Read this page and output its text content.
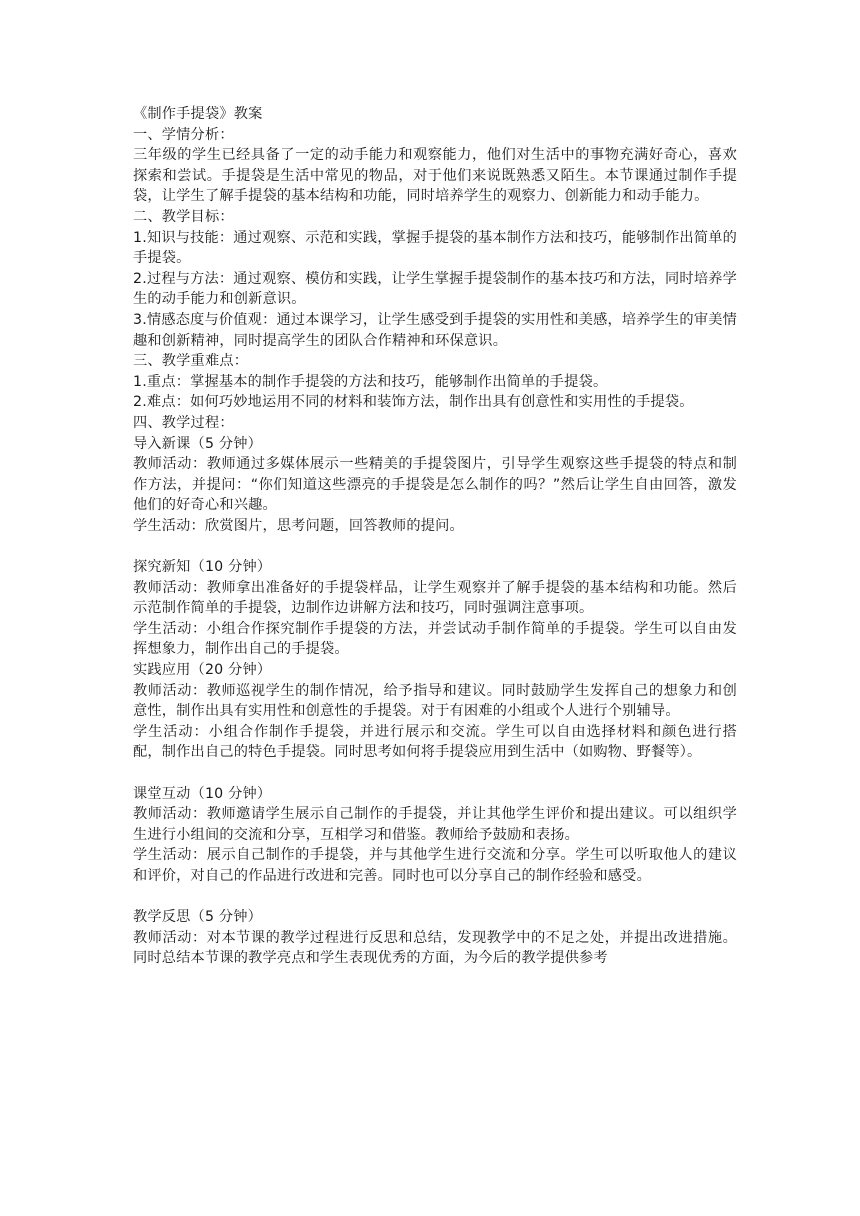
《制作手提袋》教案

一、学情分析：

三年级的学生已经具备了一定的动手能力和观察能力，他们对生活中的事物充满好奇心，喜欢探索和尝试。手提袋是生活中常见的物品，对于他们来说既熟悉又陌生。本节课通过制作手提袋，让学生了解手提袋的基本结构和功能，同时培养学生的观察力、创新能力和动手能力。

二、教学目标：

1.知识与技能：通过观察、示范和实践，掌握手提袋的基本制作方法和技巧，能够制作出简单的手提袋。

2.过程与方法：通过观察、模仿和实践，让学生掌握手提袋制作的基本技巧和方法，同时培养学生的动手能力和创新意识。

3.情感态度与价值观：通过本课学习，让学生感受到手提袋的实用性和美感，培养学生的审美情趣和创新精神，同时提高学生的团队合作精神和环保意识。

三、教学重难点：

1.重点：掌握基本的制作手提袋的方法和技巧，能够制作出简单的手提袋。

2.难点：如何巧妙地运用不同的材料和装饰方法，制作出具有创意性和实用性的手提袋。

四、教学过程：

导入新课（5 分钟）

教师活动：教师通过多媒体展示一些精美的手提袋图片，引导学生观察这些手提袋的特点和制作方法，并提问：“你们知道这些漂亮的手提袋是怎么制作的吗？”然后让学生自由回答，激发他们的好奇心和兴趣。

学生活动：欣赏图片，思考问题，回答教师的提问。

探究新知（10 分钟）

教师活动：教师拿出准备好的手提袋样品，让学生观察并了解手提袋的基本结构和功能。然后示范制作简单的手提袋，边制作边讲解方法和技巧，同时强调注意事项。

学生活动：小组合作探究制作手提袋的方法，并尝试动手制作简单的手提袋。学生可以自由发挥想象力，制作出自己的手提袋。

实践应用（20 分钟）

教师活动：教师巡视学生的制作情况，给予指导和建议。同时鼓励学生发挥自己的想象力和创意性，制作出具有实用性和创意性的手提袋。对于有困难的小组或个人进行个别辅导。

学生活动：小组合作制作手提袋，并进行展示和交流。学生可以自由选择材料和颜色进行搭配，制作出自己的特色手提袋。同时思考如何将手提袋应用到生活中（如购物、野餐等）。

课堂互动（10 分钟）

教师活动：教师邀请学生展示自己制作的手提袋，并让其他学生评价和提出建议。可以组织学生进行小组间的交流和分享，互相学习和借鉴。教师给予鼓励和表扬。

学生活动：展示自己制作的手提袋，并与其他学生进行交流和分享。学生可以听取他人的建议和评价，对自己的作品进行改进和完善。同时也可以分享自己的制作经验和感受。

教学反思（5 分钟）

教师活动：对本节课的教学过程进行反思和总结，发现教学中的不足之处，并提出改进措施。同时总结本节课的教学亮点和学生表现优秀的方面，为今后的教学提供参考
